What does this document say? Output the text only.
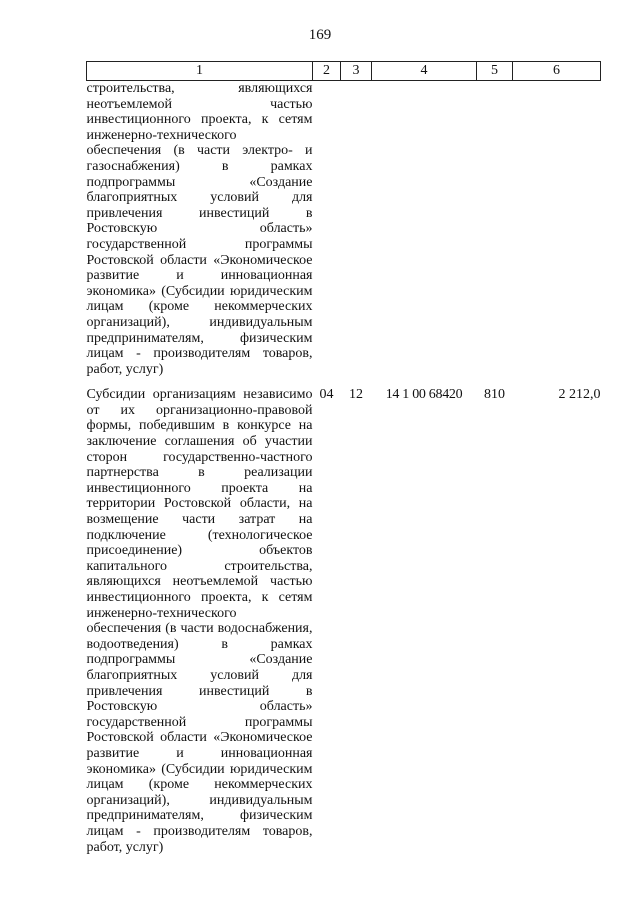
169
1	2	3	4	5	6
строительства, являющихся неотъемлемой частью инвестиционного проекта, к сетям инженерно-технического обеспечения (в части электро- и газоснабжения) в рамках подпрограммы «Создание благоприятных условий для привлечения инвестиций в Ростовскую область» государственной программы Ростовской области «Экономическое развитие и инновационная экономика» (Субсидии юридическим лицам (кроме некоммерческих организаций), индивидуальным предпринимателям, физическим лицам - производителям товаров, работ, услуг)					
Субсидии организациям независимо от их организационно-правовой формы, победившим в конкурсе на заключение соглашения об участии сторон государственно-частного партнерства в реализации инвестиционного проекта на территории Ростовской области, на возмещение части затрат на подключение (технологическое присоединение) объектов капитального строительства, являющихся неотъемлемой частью инвестиционного проекта, к сетям инженерно-технического обеспечения (в части водоснабжения, водоотведения) в рамках подпрограммы «Создание благоприятных условий для привлечения инвестиций в Ростовскую область» государственной программы Ростовской области «Экономическое развитие и инновационная экономика» (Субсидии юридическим лицам (кроме некоммерческих организаций), индивидуальным предпринимателям, физическим лицам - производителям товаров, работ, услуг)	04	12	14 1 00 68420	810	2 212,0
